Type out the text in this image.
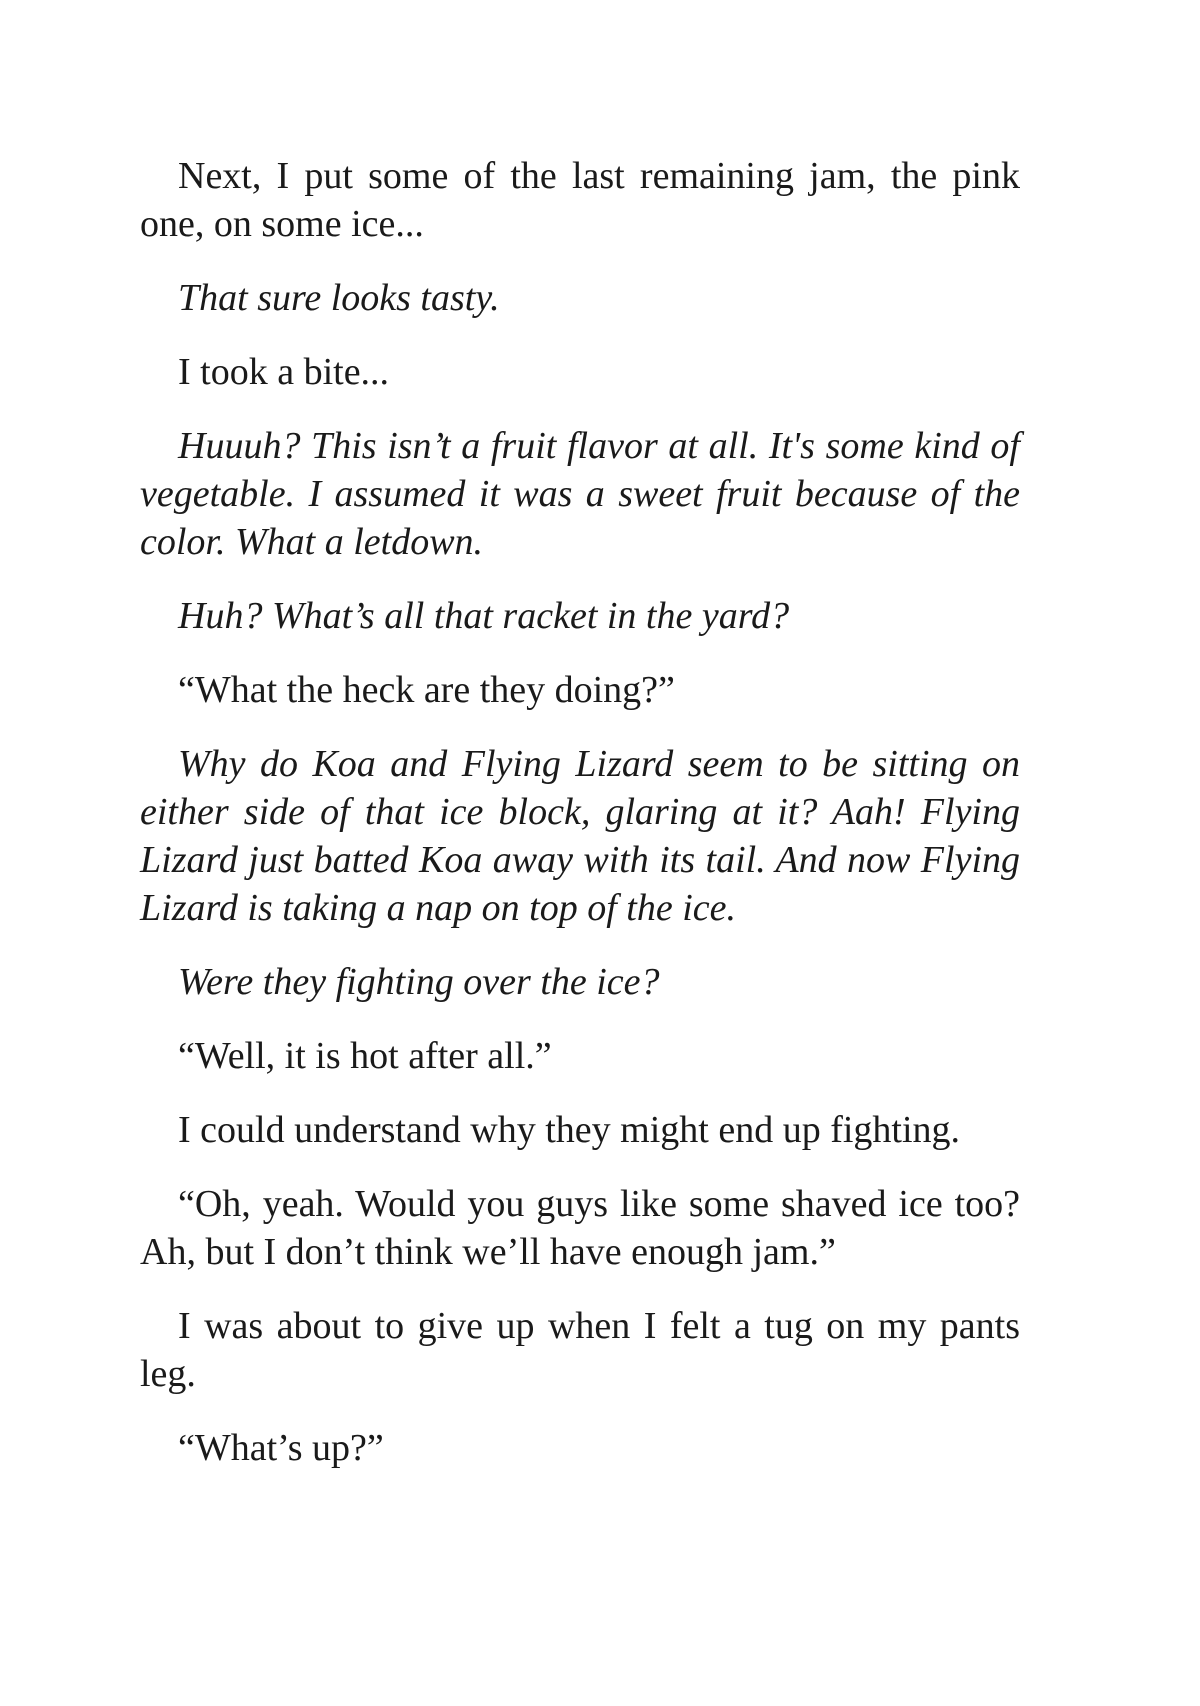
Next, I put some of the last remaining jam, the pink one, on some ice...

That sure looks tasty.

I took a bite...

Huuuh? This isn’t a fruit flavor at all. It's some kind of vegetable. I assumed it was a sweet fruit because of the color. What a letdown.

Huh? What’s all that racket in the yard?

“What the heck are they doing?”

Why do Koa and Flying Lizard seem to be sitting on either side of that ice block, glaring at it? Aah! Flying Lizard just batted Koa away with its tail. And now Flying Lizard is taking a nap on top of the ice.

Were they fighting over the ice?

“Well, it is hot after all.”

I could understand why they might end up fighting.

“Oh, yeah. Would you guys like some shaved ice too? Ah, but I don’t think we’ll have enough jam.”

I was about to give up when I felt a tug on my pants leg.

“What’s up?”
